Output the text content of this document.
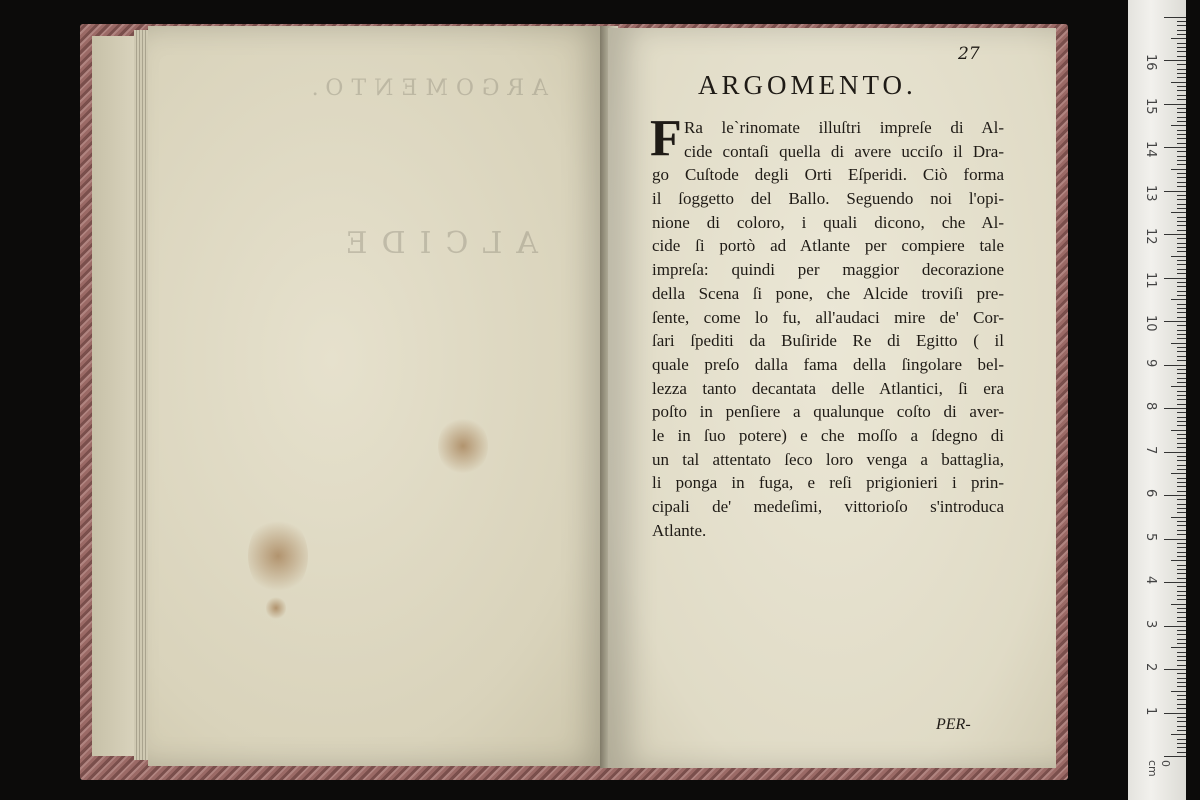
ARGOMENTO.
ALCIDE
27
ARGOMENTO.
F Ra le`rinomate illuſtri impreſe di Al-
cide contaſi quella di avere ucciſo il Dra-
go Cuſtode degli Orti Eſperidi. Ciò forma
il ſoggetto del Ballo. Seguendo noi l'opi-
nione di coloro, i quali dicono, che Al-
cide ſi portò ad Atlante per compiere tale
impreſa: quindi per maggior decorazione
della Scena ſi pone, che Alcide troviſi pre-
ſente, come lo fu, all'audaci mire de' Cor-
ſari ſpediti da Buſiride Re di Egitto ( il
quale preſo dalla fama della ſingolare bel-
lezza tanto decantata delle Atlantici, ſi era
poſto in penſiere a qualunque coſto di aver-
le in ſuo potere) e che moſſo a ſdegno di
un tal attentato ſeco loro venga a battaglia,
li ponga in fuga, e reſi prigionieri i prin-
cipali de' medeſimi, vittorioſo s'introduca
Atlante.
PER-
0 cm
1
2
3
4
5
6
7
8
9
10
11
12
13
14
15
16
